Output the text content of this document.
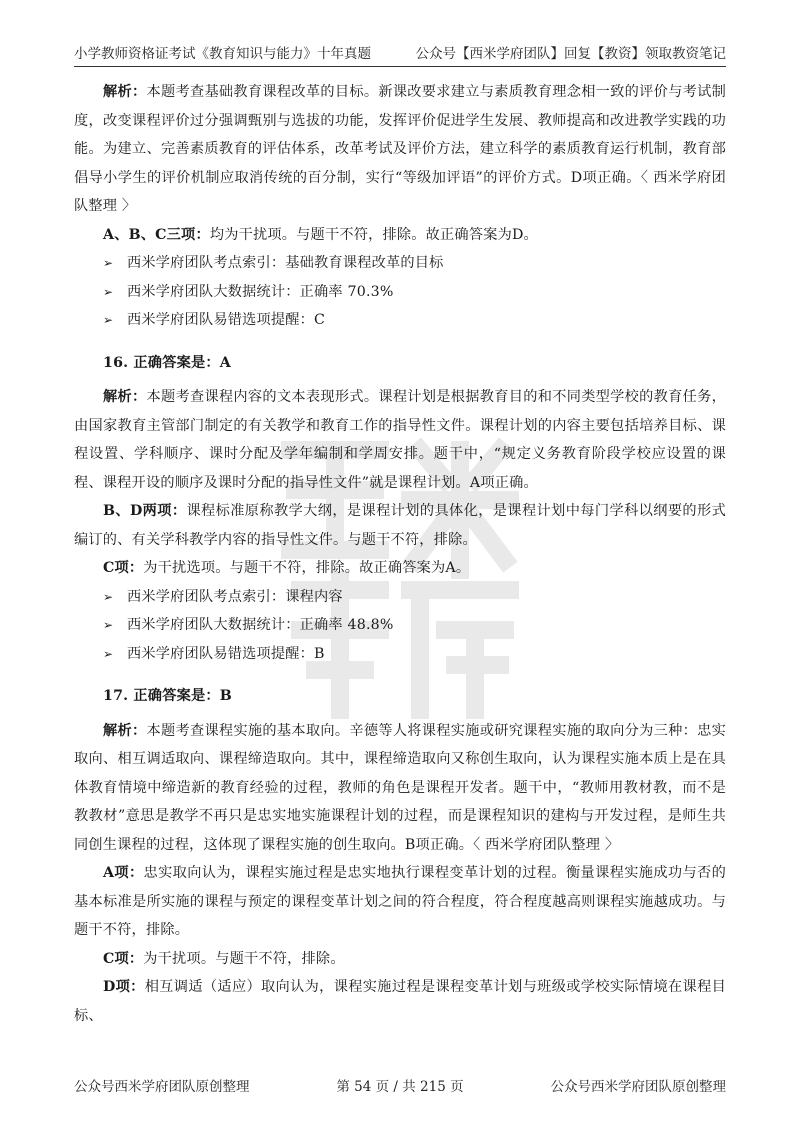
小学教师资格证考试《教育知识与能力》十年真题	公众号【西米学府团队】回复【教资】领取教资笔记

解析：本题考查基础教育课程改革的目标。新课改要求建立与素质教育理念相一致的评价与考试制度，改变课程评价过分强调甄别与选拔的功能，发挥评价促进学生发展、教师提高和改进教学实践的功能。为建立、完善素质教育的评估体系，改革考试及评价方法，建立科学的素质教育运行机制，教育部倡导小学生的评价机制应取消传统的百分制，实行“等级加评语”的评价方式。D项正确。〈 西米学府团队整理 〉

A、B、C三项：均为干扰项。与题干不符，排除。故正确答案为D。

➢ 西米学府团队考点索引：基础教育课程改革的目标

➢ 西米学府团队大数据统计：正确率 70.3%

➢ 西米学府团队易错选项提醒：C

16. 正确答案是：A

解析：本题考查课程内容的文本表现形式。课程计划是根据教育目的和不同类型学校的教育任务，由国家教育主管部门制定的有关教学和教育工作的指导性文件。课程计划的内容主要包括培养目标、课程设置、学科顺序、课时分配及学年编制和学周安排。题干中，“规定义务教育阶段学校应设置的课程、课程开设的顺序及课时分配的指导性文件”就是课程计划。A项正确。

B、D两项：课程标准原称教学大纲，是课程计划的具体化，是课程计划中每门学科以纲要的形式编订的、有关学科教学内容的指导性文件。与题干不符，排除。

C项：为干扰选项。与题干不符，排除。故正确答案为A。

➢ 西米学府团队考点索引：课程内容

➢ 西米学府团队大数据统计：正确率 48.8%

➢ 西米学府团队易错选项提醒：B

17. 正确答案是：B

解析：本题考查课程实施的基本取向。辛德等人将课程实施或研究课程实施的取向分为三种：忠实取向、相互调适取向、课程缔造取向。其中，课程缔造取向又称创生取向，认为课程实施本质上是在具体教育情境中缔造新的教育经验的过程，教师的角色是课程开发者。题干中，“教师用教材教，而不是教教材”意思是教学不再只是忠实地实施课程计划的过程，而是课程知识的建构与开发过程，是师生共同创生课程的过程，这体现了课程实施的创生取向。B项正确。〈 西米学府团队整理 〉

A项：忠实取向认为，课程实施过程是忠实地执行课程变革计划的过程。衡量课程实施成功与否的基本标准是所实施的课程与预定的课程变革计划之间的符合程度，符合程度越高则课程实施越成功。与题干不符，排除。

C项：为干扰项。与题干不符，排除。

D项：相互调适（适应）取向认为，课程实施过程是课程变革计划与班级或学校实际情境在课程目标、

公众号西米学府团队原创整理	第 54 页 / 共 215 页	公众号西米学府团队原创整理
